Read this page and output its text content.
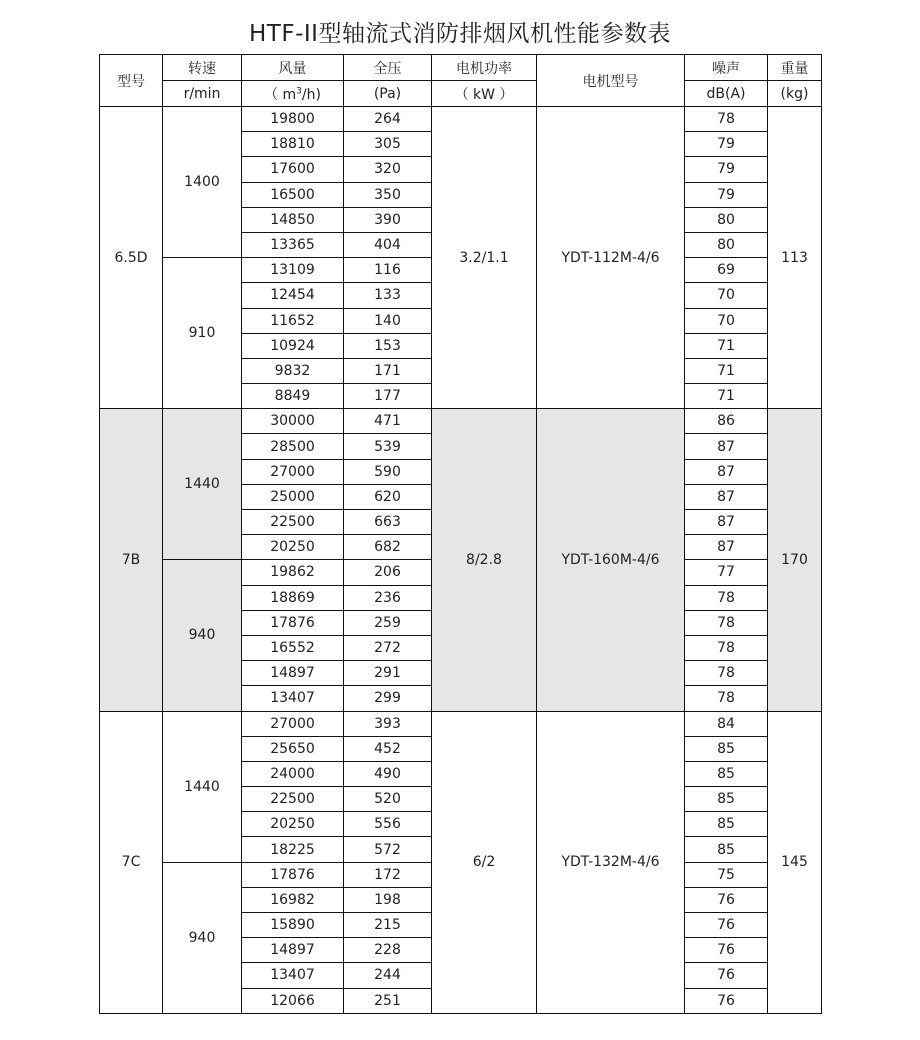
HTF-II型轴流式消防排烟风机性能参数表
型号	转速	风量	全压	电机功率	电机型号	噪声	重量
	r/min	（ $m^3/h$)	(Pa)	（ kW ）		dB(A)	(kg)
6.5D	1400	19800	264	3.2/1.1	YDT-112M-4/6	78	113
		18810	305			79	
		17600	320			79	
		16500	350			79	
		14850	390			80	
		13365	404			80	
	910	13109	116			69	
		12454	133			70	
		11652	140			70	
		10924	153			71	
		9832	171			71	
		8849	177			71	
7B	1440	30000	471	8/2.8	YDT-160M-4/6	86	170
		28500	539			87	
		27000	590			87	
		25000	620			87	
		22500	663			87	
		20250	682			87	
	940	19862	206			77	
		18869	236			78	
		17876	259			78	
		16552	272			78	
		14897	291			78	
		13407	299			78	
7C	1440	27000	393	6/2	YDT-132M-4/6	84	145
		25650	452			85	
		24000	490			85	
		22500	520			85	
		20250	556			85	
		18225	572			85	
	940	17876	172			75	
		16982	198			76	
		15890	215			76	
		14897	228			76	
		13407	244			76	
		12066	251			76	
